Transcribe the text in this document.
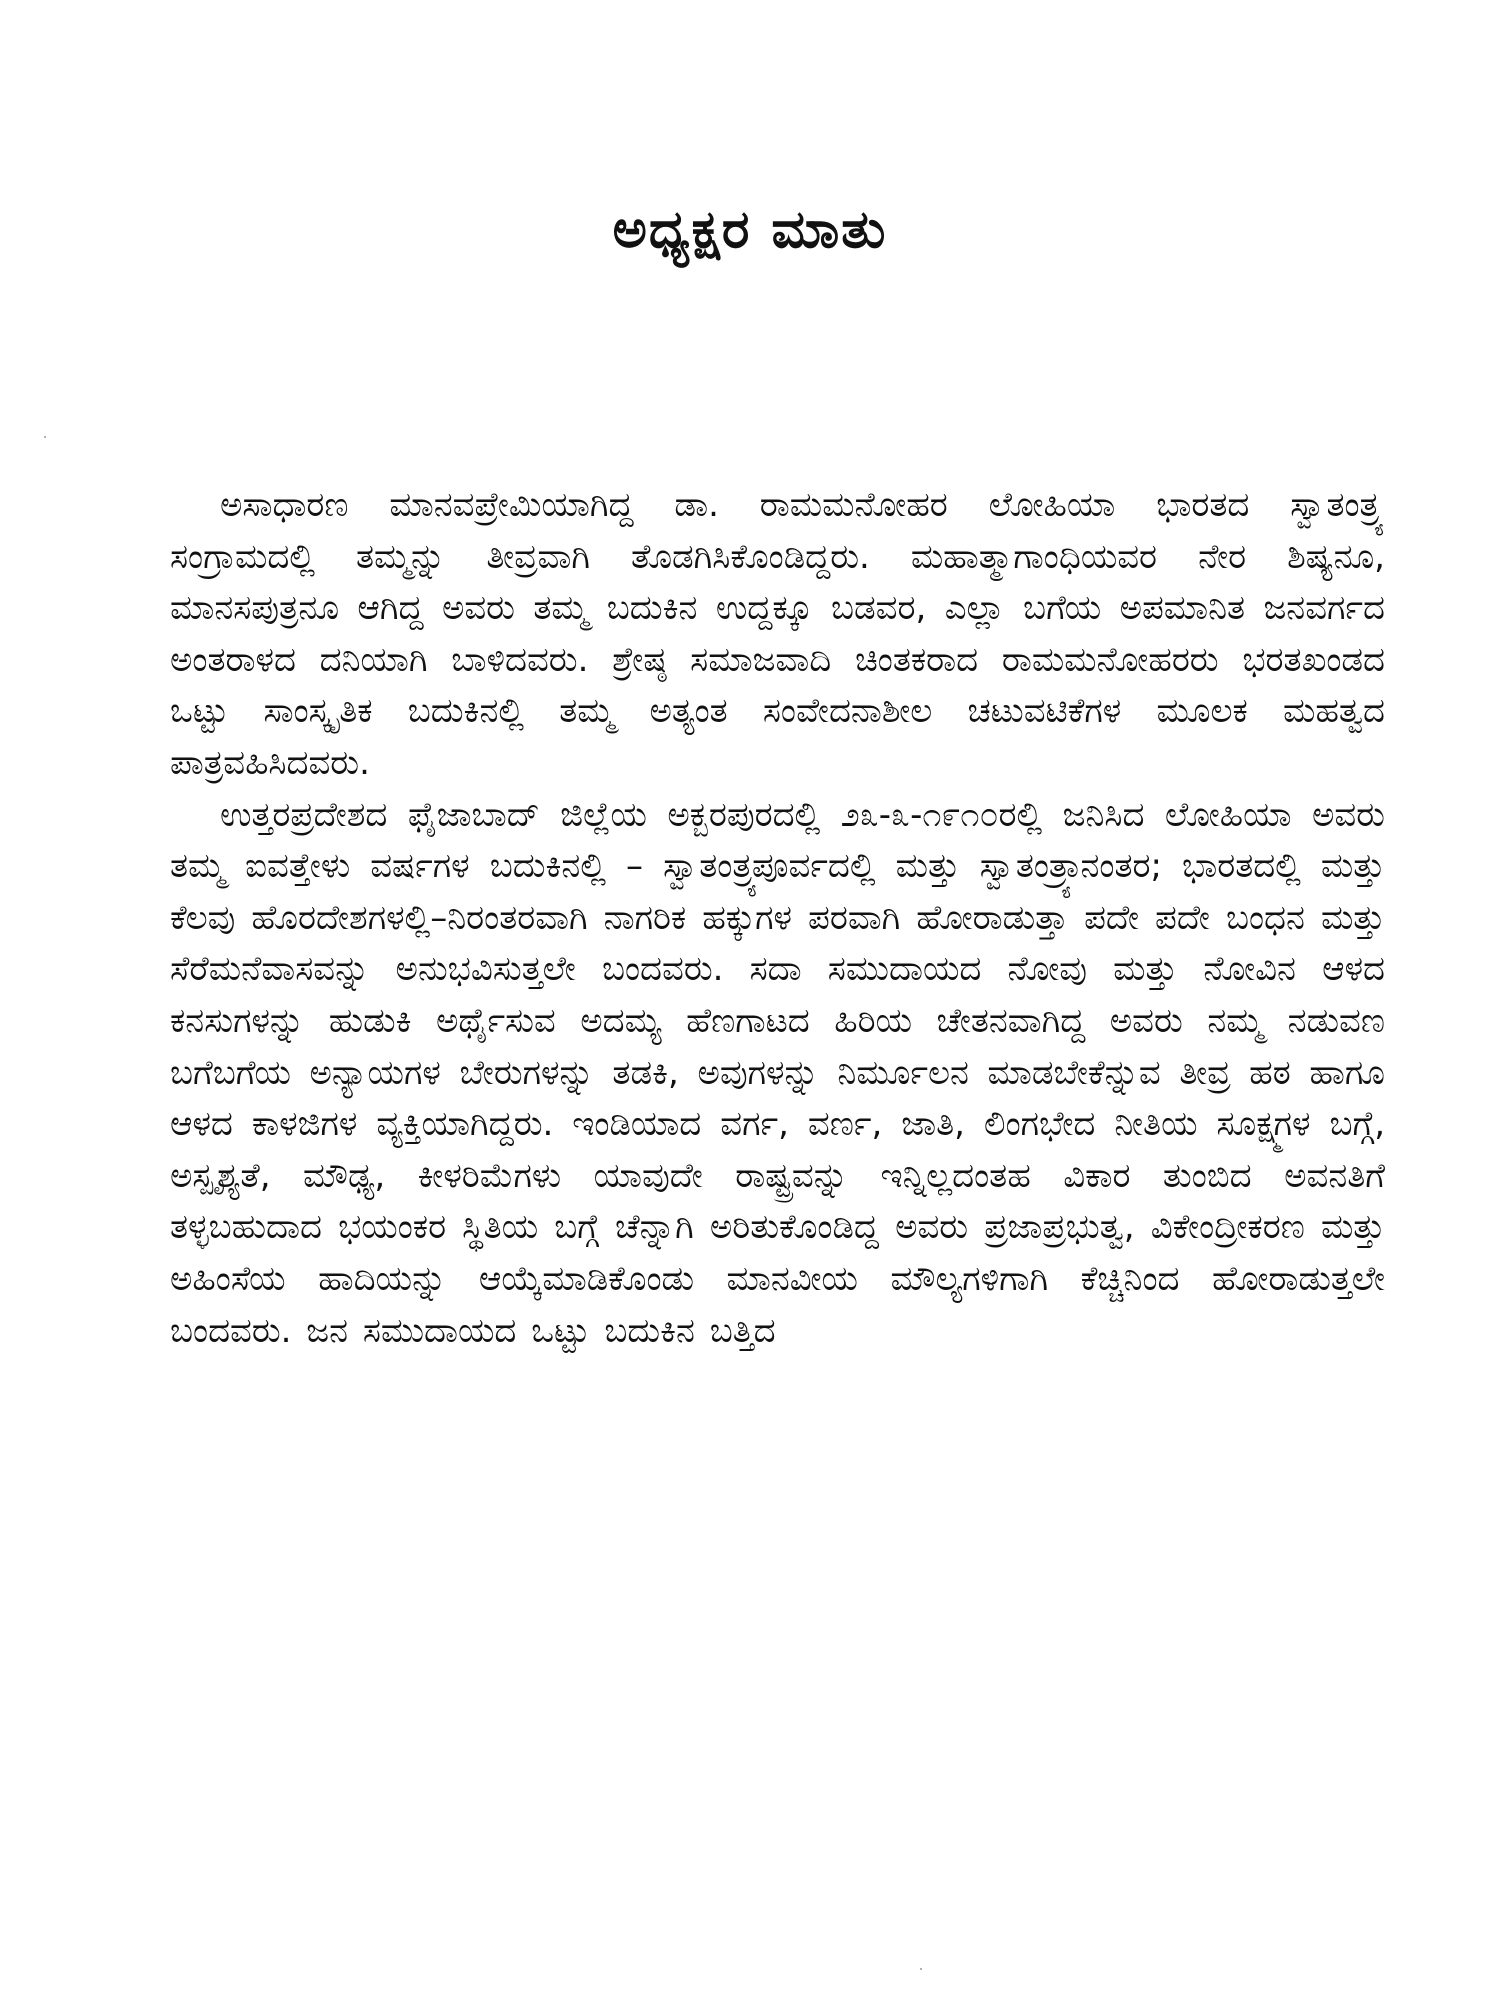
ಅಧ್ಯಕ್ಷರ ಮಾತು

ಅಸಾಧಾರಣ ಮಾನವಪ್ರೇಮಿಯಾಗಿದ್ದ ಡಾ. ರಾಮಮನೋಹರ ಲೋಹಿಯಾ ಭಾರತದ ಸ್ವಾತಂತ್ರ್ಯ ಸಂಗ್ರಾಮದಲ್ಲಿ ತಮ್ಮನ್ನು ತೀವ್ರವಾಗಿ ತೊಡಗಿಸಿಕೊಂಡಿದ್ದರು. ಮಹಾತ್ಮಾಗಾಂಧಿಯವರ ನೇರ ಶಿಷ್ಯನೂ, ಮಾನಸಪುತ್ರನೂ ಆಗಿದ್ದ ಅವರು ತಮ್ಮ ಬದುಕಿನ ಉದ್ದಕ್ಕೂ ಬಡವರ, ಎಲ್ಲಾ ಬಗೆಯ ಅಪಮಾನಿತ ಜನವರ್ಗದ ಅಂತರಾಳದ ದನಿಯಾಗಿ ಬಾಳಿದವರು. ಶ್ರೇಷ್ಠ ಸಮಾಜವಾದಿ ಚಿಂತಕರಾದ ರಾಮಮನೋಹರರು ಭರತಖಂಡದ ಒಟ್ಟು ಸಾಂಸ್ಕೃತಿಕ ಬದುಕಿನಲ್ಲಿ ತಮ್ಮ ಅತ್ಯಂತ ಸಂವೇದನಾಶೀಲ ಚಟುವಟಿಕೆಗಳ ಮೂಲಕ ಮಹತ್ವದ ಪಾತ್ರವಹಿಸಿದವರು.

ಉತ್ತರಪ್ರದೇಶದ ಫೈಜಾಬಾದ್ ಜಿಲ್ಲೆಯ ಅಕ್ಬರಪುರದಲ್ಲಿ ೨೩-೩-೧೯೧೦ರಲ್ಲಿ ಜನಿಸಿದ ಲೋಹಿಯಾ ಅವರು ತಮ್ಮ ಐವತ್ತೇಳು ವರ್ಷಗಳ ಬದುಕಿನಲ್ಲಿ – ಸ್ವಾತಂತ್ರ್ಯಪೂರ್ವದಲ್ಲಿ ಮತ್ತು ಸ್ವಾತಂತ್ರ್ಯಾನಂತರ; ಭಾರತದಲ್ಲಿ ಮತ್ತು ಕೆಲವು ಹೊರದೇಶಗಳಲ್ಲಿ–ನಿರಂತರವಾಗಿ ನಾಗರಿಕ ಹಕ್ಕುಗಳ ಪರವಾಗಿ ಹೋರಾಡುತ್ತಾ ಪದೇ ಪದೇ ಬಂಧನ ಮತ್ತು ಸೆರೆಮನೆವಾಸವನ್ನು ಅನುಭವಿಸುತ್ತಲೇ ಬಂದವರು. ಸದಾ ಸಮುದಾಯದ ನೋವು ಮತ್ತು ನೋವಿನ ಆಳದ ಕನಸುಗಳನ್ನು ಹುಡುಕಿ ಅರ್ಥೈಸುವ ಅದಮ್ಯ ಹೆಣಗಾಟದ ಹಿರಿಯ ಚೇತನವಾಗಿದ್ದ ಅವರು ನಮ್ಮ ನಡುವಣ ಬಗೆಬಗೆಯ ಅನ್ಯಾಯಗಳ ಬೇರುಗಳನ್ನು ತಡಕಿ, ಅವುಗಳನ್ನು ನಿರ್ಮೂಲನ ಮಾಡಬೇಕೆನ್ನುವ ತೀವ್ರ ಹಠ ಹಾಗೂ ಆಳದ ಕಾಳಜಿಗಳ ವ್ಯಕ್ತಿಯಾಗಿದ್ದರು. ಇಂಡಿಯಾದ ವರ್ಗ, ವರ್ಣ, ಜಾತಿ, ಲಿಂಗಭೇದ ನೀತಿಯ ಸೂಕ್ಷ್ಮಗಳ ಬಗ್ಗೆ, ಅಸ್ಪೃಶ್ಯತೆ, ಮೌಢ್ಯ, ಕೀಳರಿಮೆಗಳು ಯಾವುದೇ ರಾಷ್ಟ್ರವನ್ನು ಇನ್ನಿಲ್ಲದಂತಹ ವಿಕಾರ ತುಂಬಿದ ಅವನತಿಗೆ ತಳ್ಳಬಹುದಾದ ಭಯಂಕರ ಸ್ಥಿತಿಯ ಬಗ್ಗೆ ಚೆನ್ನಾಗಿ ಅರಿತುಕೊಂಡಿದ್ದ ಅವರು ಪ್ರಜಾಪ್ರಭುತ್ವ, ವಿಕೇಂದ್ರೀಕರಣ ಮತ್ತು ಅಹಿಂಸೆಯ ಹಾದಿಯನ್ನು ಆಯ್ಕೆಮಾಡಿಕೊಂಡು ಮಾನವೀಯ ಮೌಲ್ಯಗಳಿಗಾಗಿ ಕೆಚ್ಚಿನಿಂದ ಹೋರಾಡುತ್ತಲೇ ಬಂದವರು. ಜನ ಸಮುದಾಯದ ಒಟ್ಟು ಬದುಕಿನ ಬತ್ತಿದ
